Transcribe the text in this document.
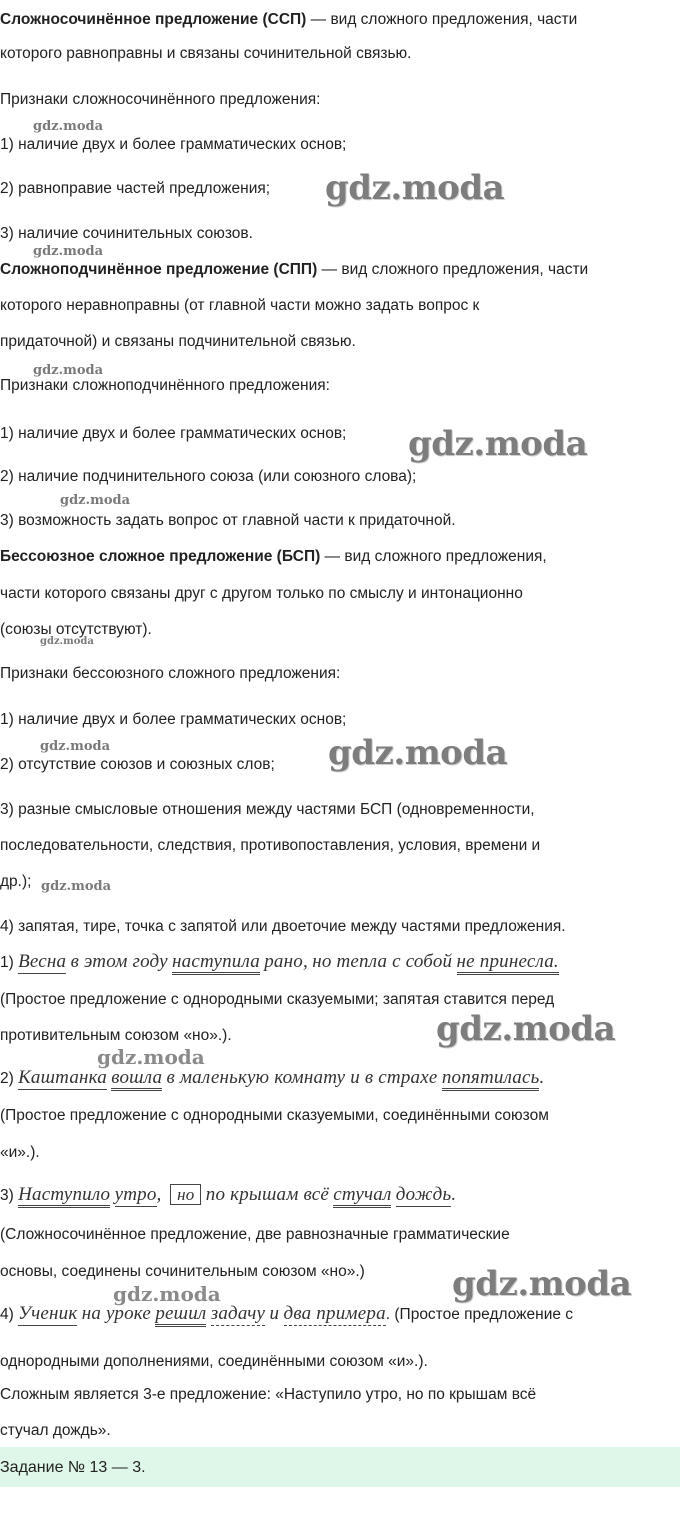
Сложносочинённое предложение (ССП) — вид сложного предложения, части
которого равноправны и связаны сочинительной связью.
Признаки сложносочинённого предложения:
1) наличие двух и более грамматических основ;
2) равноправие частей предложения;
3) наличие сочинительных союзов.
Сложноподчинённое предложение (СПП) — вид сложного предложения, части
которого неравноправны (от главной части можно задать вопрос к
придаточной) и связаны подчинительной связью.
Признаки сложноподчинённого предложения:
1) наличие двух и более грамматических основ;
2) наличие подчинительного союза (или союзного слова);
3) возможность задать вопрос от главной части к придаточной.
Бессоюзное сложное предложение (БСП) — вид сложного предложения,
части которого связаны друг с другом только по смыслу и интонационно
(союзы отсутствуют).
Признаки бессоюзного сложного предложения:
1) наличие двух и более грамматических основ;
2) отсутствие союзов и союзных слов;
3) разные смысловые отношения между частями БСП (одновременности,
последовательности, следствия, противопоставления, условия, времени и
др.);
4) запятая, тире, точка с запятой или двоеточие между частями предложения.
1) Весна в этом году наступила рано, но тепла с собой не принесла.
(Простое предложение с однородными сказуемыми; запятая ставится перед
противительным союзом «но».).
2) Каштанка вошла в маленькую комнату и в страхе попятилась.
(Простое предложение с однородными сказуемыми, соединёнными союзом
«и».).
3) Наступило утро, но по крышам всё стучал дождь.
(Сложносочинённое предложение, две равнозначные грамматические
основы, соединены сочинительным союзом «но».)
4) Ученик на уроке решил задачу и два примера. (Простое предложение с
однородными дополнениями, соединёнными союзом «и».).
Сложным является 3-е предложение: «Наступило утро, но по крышам всё
стучал дождь».
Задание № 13 — 3.
gdz.moda
gdz.moda
gdz.moda
gdz.moda
gdz.moda
gdz.moda
gdz.moda
gdz.moda	gdz.moda
gdz.moda
gdz.moda
gdz.moda
gdz.moda
gdz.moda
